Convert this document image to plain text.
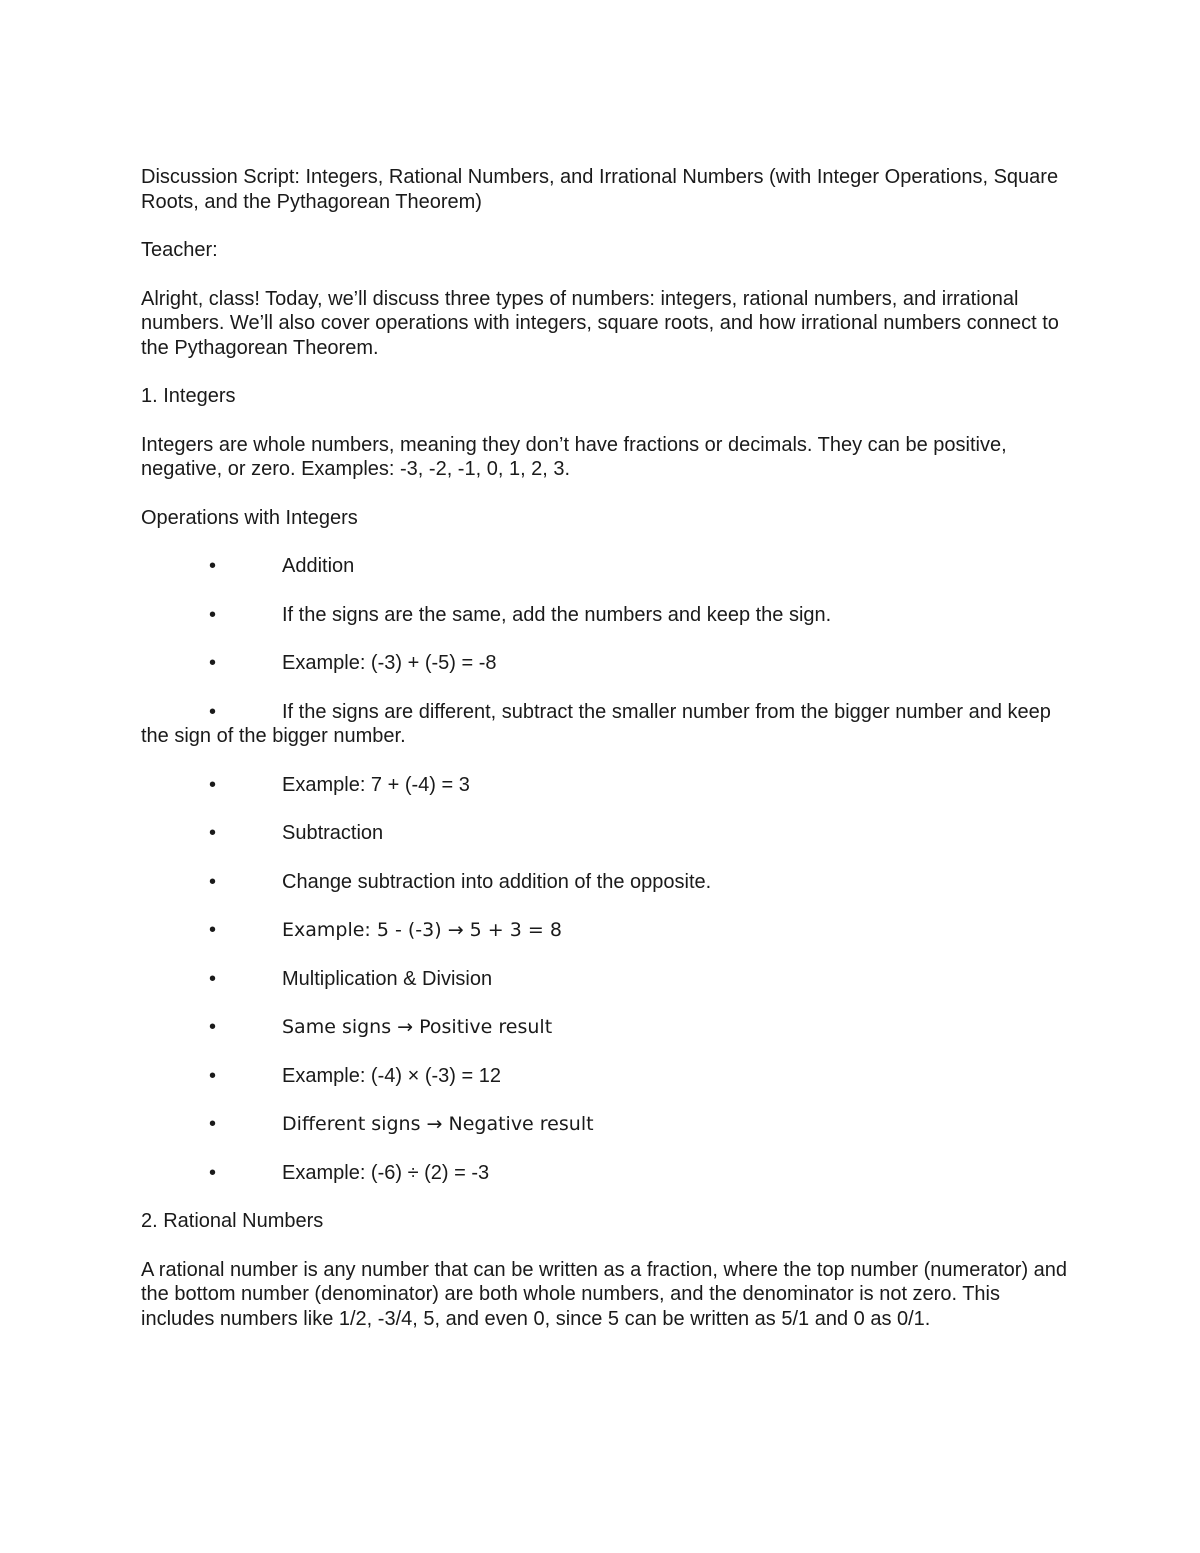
Discussion Script: Integers, Rational Numbers, and Irrational Numbers (with Integer Operations, Square Roots, and the Pythagorean Theorem)

Teacher:

Alright, class! Today, we’ll discuss three types of numbers: integers, rational numbers, and irrational numbers. We’ll also cover operations with integers, square roots, and how irrational numbers connect to the Pythagorean Theorem.

1. Integers

Integers are whole numbers, meaning they don’t have fractions or decimals. They can be positive, negative, or zero. Examples: -3, -2, -1, 0, 1, 2, 3.

Operations with Integers

•	Addition
•	If the signs are the same, add the numbers and keep the sign.
•	Example: (-3) + (-5) = -8
•	If the signs are different, subtract the smaller number from the bigger number and keep the sign of the bigger number.
•	Example: 7 + (-4) = 3
•	Subtraction
•	Change subtraction into addition of the opposite.
•	Example: 5 - (-3) → 5 + 3 = 8
•	Multiplication & Division
•	Same signs → Positive result
•	Example: (-4) × (-3) = 12
•	Different signs → Negative result
•	Example: (-6) ÷ (2) = -3

2. Rational Numbers

A rational number is any number that can be written as a fraction, where the top number (numerator) and the bottom number (denominator) are both whole numbers, and the denominator is not zero. This includes numbers like 1/2, -3/4, 5, and even 0, since 5 can be written as 5/1 and 0 as 0/1.
